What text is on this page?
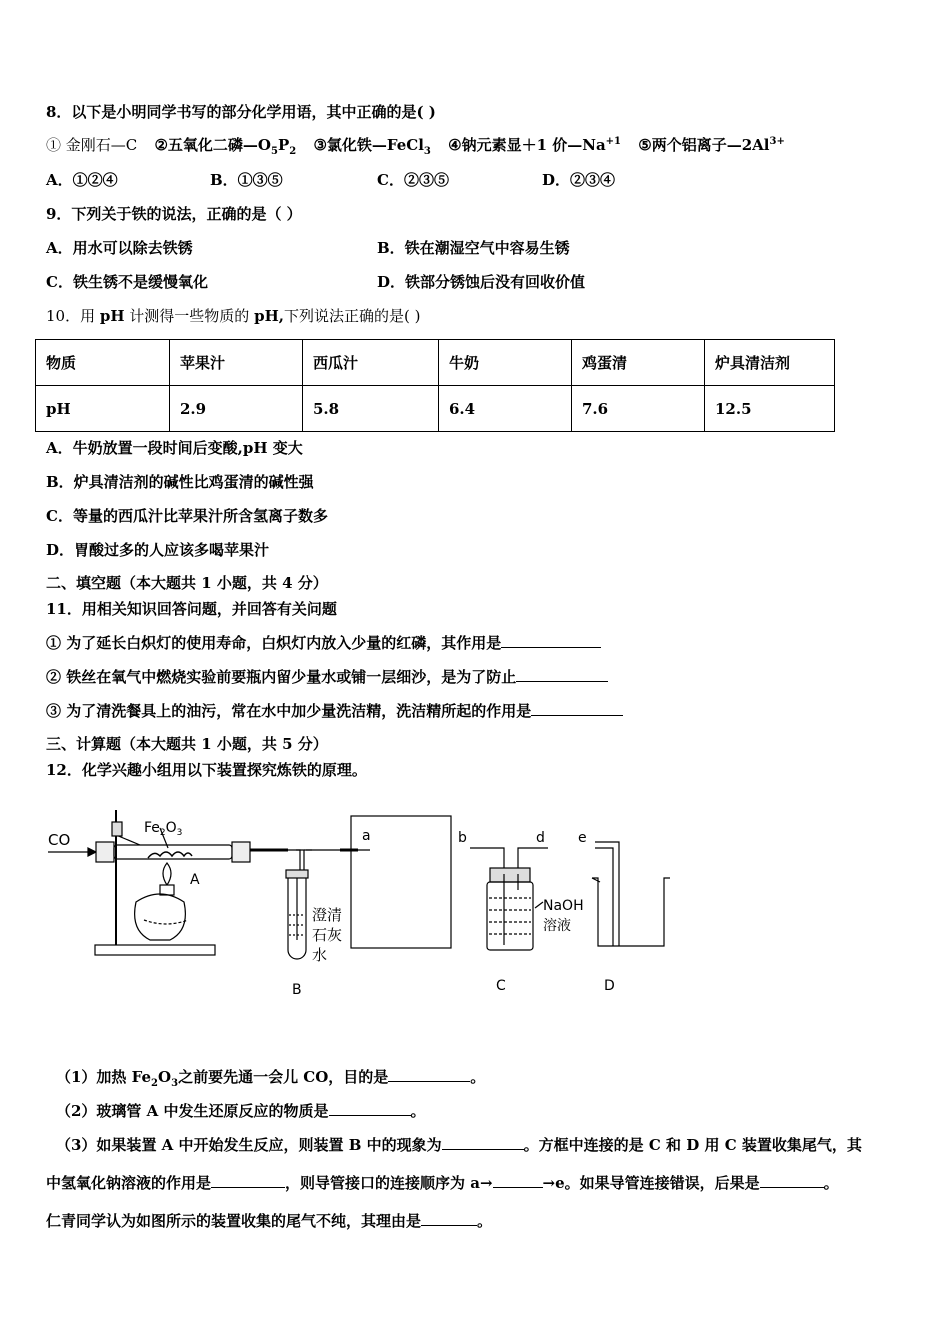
8．以下是小明同学书写的部分化学用语，其中正确的是( )
① 金刚石—C ②五氧化二磷$—O_5P_2$ ③氯化铁—FeCl$_3$ ④钠元素显＋1 价$—Na^{+1}$ ⑤两个铝离子$—2Al^{3+}$
A．①②④	B．①③⑤	C．②③⑤	D．②③④
9．下列关于铁的说法，正确的是（ ）
A．用水可以除去铁锈	B．铁在潮湿空气中容易生锈
C．铁生锈不是缓慢氧化	D．铁部分锈蚀后没有回收价值
10．用 pH 计测得一些物质的 pH,下列说法正确的是( )
物质	苹果汁	西瓜汁	牛奶	鸡蛋清	炉具清洁剂
pH	2.9	5.8	6.4	7.6	12.5
A．牛奶放置一段时间后变酸,pH 变大
B．炉具清洁剂的碱性比鸡蛋清的碱性强
C．等量的西瓜汁比苹果汁所含氢离子数多
D．胃酸过多的人应该多喝苹果汁
二、填空题（本大题共 1 小题，共 4 分）
11．用相关知识回答问题，并回答有关问题
① 为了延长白炽灯的使用寿命，白炽灯内放入少量的红磷，其作用是
② 铁丝在氧气中燃烧实验前要瓶内留少量水或铺一层细沙，是为了防止
③ 为了清洗餐具上的油污，常在水中加少量洗洁精，洗洁精所起的作用是
三、计算题（本大题共 1 小题，共 5 分）
12．化学兴趣小组用以下装置探究炼铁的原理。
CO
$Fe_2O_3$
A
澄清
石灰
水
B
a	b	d e
NaOH
溶液
C	D
（1）加热 $Fe_2O_3$之前要先通一会儿 CO，目的是	。
（2）玻璃管 A 中发生还原反应的物质是	。
（3）如果装置 A 中开始发生反应，则装置 B 中的现象为	。方框中连接的是 C 和 D 用 C 装置收集尾气，其
中氢氧化钠溶液的作用是	，则导管接口的连接顺序为 a→	→e。如果导管连接错误，后果是	。
仁青同学认为如图所示的装置收集的尾气不纯，其理由是	。
